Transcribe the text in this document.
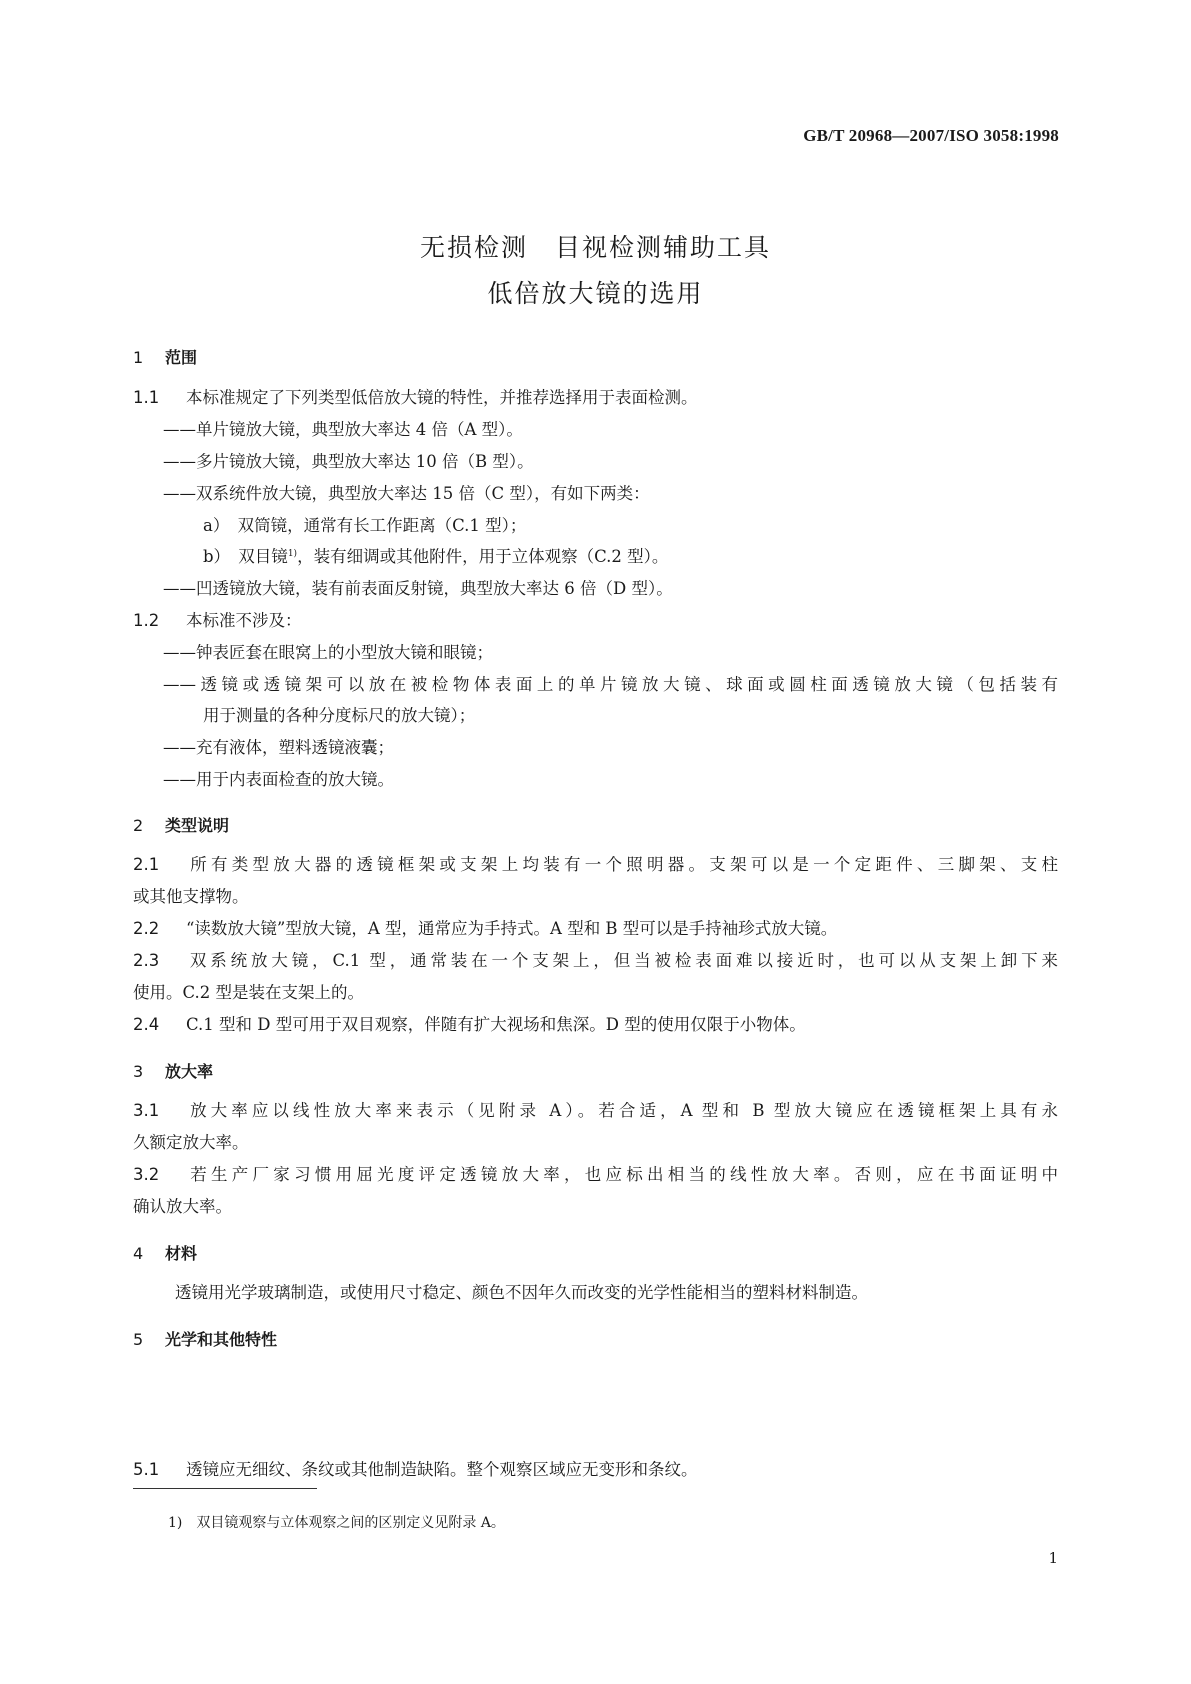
GB/T 20968—2007/ISO 3058:1998
无损检测　目视检测辅助工具
低倍放大镜的选用
1 范围
1.1 本标准规定了下列类型低倍放大镜的特性，并推荐选择用于表面检测。
——单片镜放大镜，典型放大率达 4 倍（A 型）。
——多片镜放大镜，典型放大率达 10 倍（B 型）。
——双系统件放大镜，典型放大率达 15 倍（C 型），有如下两类：
a）　双筒镜，通常有长工作距离（C.1 型）；
b）　双目镜$^{1)}$，装有细调或其他附件，用于立体观察（C.2 型）。
——凹透镜放大镜，装有前表面反射镜，典型放大率达 6 倍（D 型）。
1.2 本标准不涉及：
——钟表匠套在眼窝上的小型放大镜和眼镜；
——透镜或透镜架可以放在被检物体表面上的单片镜放大镜、球面或圆柱面透镜放大镜（包括装有
用于测量的各种分度标尺的放大镜）；
——充有液体，塑料透镜液囊；
——用于内表面检查的放大镜。
2 类型说明
2.1 所有类型放大器的透镜框架或支架上均装有一个照明器。支架可以是一个定距件、三脚架、支柱
或其他支撑物。
2.2 “读数放大镜”型放大镜，A 型，通常应为手持式。A 型和 B 型可以是手持袖珍式放大镜。
2.3 双系统放大镜，C.1 型，通常装在一个支架上，但当被检表面难以接近时，也可以从支架上卸下来
使用。C.2 型是装在支架上的。
2.4 C.1 型和 D 型可用于双目观察，伴随有扩大视场和焦深。D 型的使用仅限于小物体。
3 放大率
3.1 放大率应以线性放大率来表示（见附录 A）。若合适，A 型和 B 型放大镜应在透镜框架上具有永
久额定放大率。
3.2 若生产厂家习惯用屈光度评定透镜放大率，也应标出相当的线性放大率。否则，应在书面证明中
确认放大率。
4 材料
透镜用光学玻璃制造，或使用尺寸稳定、颜色不因年久而改变的光学性能相当的塑料材料制造。
5 光学和其他特性
5.1 透镜应无细纹、条纹或其他制造缺陷。整个观察区域应无变形和条纹。
1)　双目镜观察与立体观察之间的区别定义见附录 A。
1
